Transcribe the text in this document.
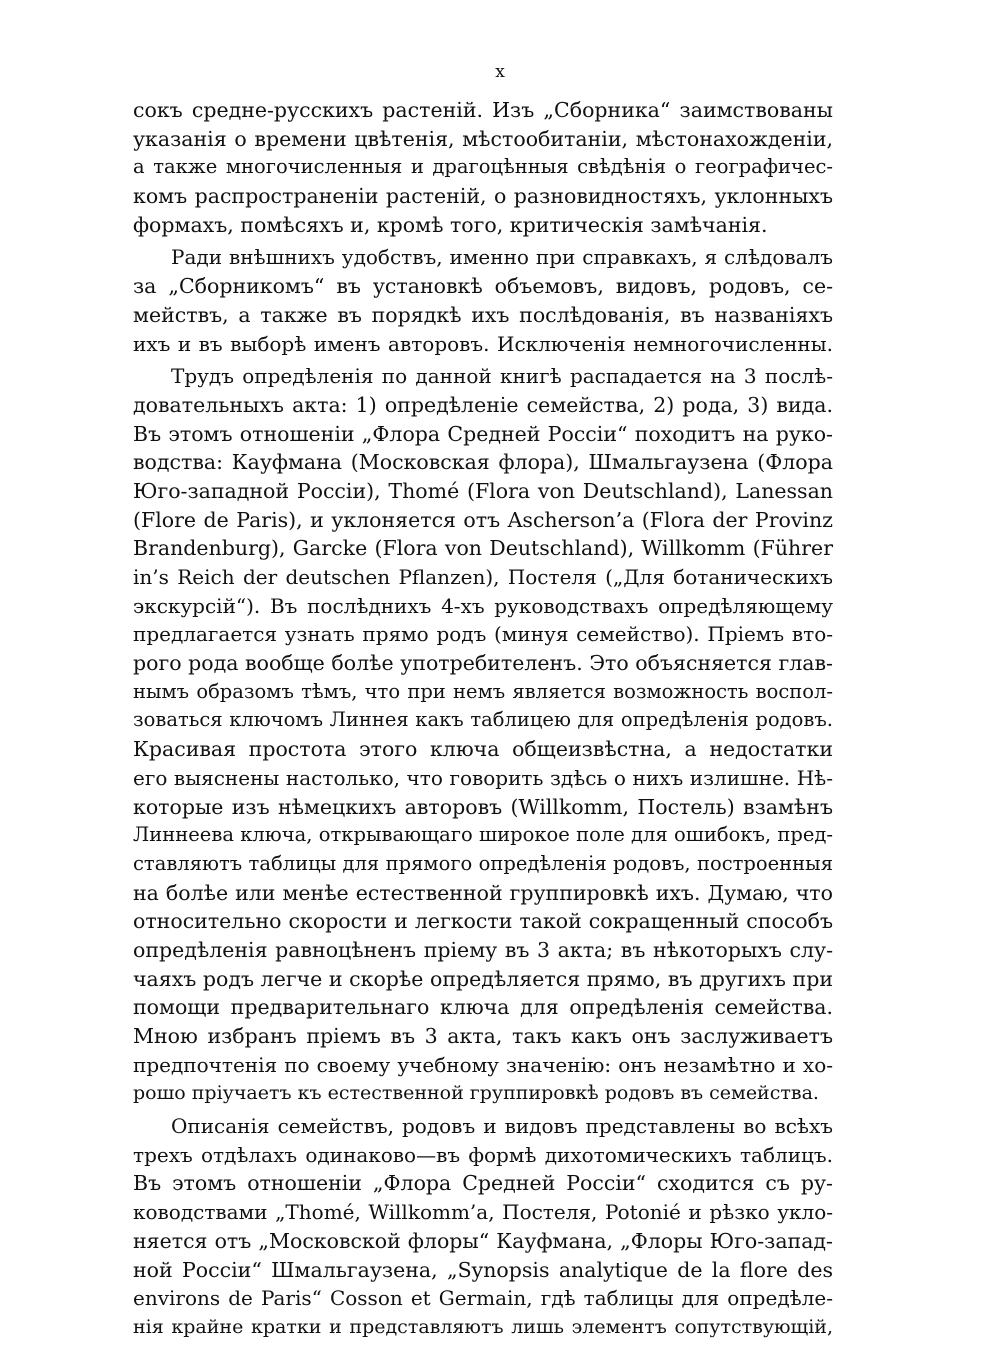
x
сокъ средне-русскихъ растенiй. Изъ „Сборника“ заимствованы
указанiя о времени цвѣтенiя, мѣстообитанiи, мѣстонахожденiи,
а также многочисленныя и драгоцѣнныя свѣдѣнiя о географичес-
комъ распространенiи растенiй, о разновидностяхъ, уклонныхъ
формахъ, помѣсяхъ и, кромѣ того, критическiя замѣчанiя.
Ради внѣшнихъ удобствъ, именно при справкахъ, я слѣдовалъ
за „Сборникомъ“ въ установкѣ объемовъ, видовъ, родовъ, се-
мействъ, а также въ порядкѣ ихъ послѣдованiя, въ названiяхъ
ихъ и въ выборѣ именъ авторовъ. Исключенiя немногочисленны.
Трудъ опредѣленiя по данной книгѣ распадается на 3 послѣ-
довательныхъ акта: 1) опредѣленiе семейства, 2) рода, 3) вида.
Въ этомъ отношенiи „Флора Средней Россiи“ походитъ на руко-
водства: Кауфмана (Московская флора), Шмальгаузена (Флора
Юго-западной Россiи), Thomé (Flora von Deutschland), Lanessan
(Flore de Paris), и уклоняется отъ Ascherson’a (Flora der Provinz
Brandenburg), Garcke (Flora von Deutschland), Willkomm (Führer
in’s Reich der deutschen Pflanzen), Постеля („Для ботаническихъ
экскурсiй“). Въ послѣднихъ 4-хъ руководствахъ опредѣляющему
предлагается узнать прямо родъ (минуя семейство). Прiемъ вто-
рого рода вообще болѣе употребителенъ. Это объясняется глав-
нымъ образомъ тѣмъ, что при немъ является возможность воспол-
зоваться ключомъ Линнея какъ таблицею для опредѣленiя родовъ.
Красивая простота этого ключа общеизвѣстна, а недостатки
его выяснены настолько, что говорить здѣсь о нихъ излишне. Нѣ-
которые изъ нѣмецкихъ авторовъ (Willkomm, Постель) взамѣнъ
Линнеева ключа, открывающаго широкое поле для ошибокъ, пред-
ставляютъ таблицы для прямого опредѣленiя родовъ, построенныя
на болѣе или менѣе естественной группировкѣ ихъ. Думаю, что
относительно скорости и легкости такой сокращенный способъ
опредѣленiя равноцѣненъ прiему въ 3 акта; въ нѣкоторыхъ слу-
чаяхъ родъ легче и скорѣе опредѣляется прямо, въ другихъ при
помощи предварительнаго ключа для опредѣленiя семейства.
Мною избранъ прiемъ въ 3 акта, такъ какъ онъ заслуживаетъ
предпочтенiя по своему учебному значенiю: онъ незамѣтно и хо-
рошо прiучаетъ къ естественной группировкѣ родовъ въ семейства.
Описанiя семействъ, родовъ и видовъ представлены во всѣхъ
трехъ отдѣлахъ одинаково—въ формѣ дихотомическихъ таблицъ.
Въ этомъ отношенiи „Флора Средней Россiи“ сходится съ ру-
ководствами „Thomé, Willkomm’a, Постеля, Potonié и рѣзко укло-
няется отъ „Московской флоры“ Кауфмана, „Флоры Юго-запад-
ной Россiи“ Шмальгаузена, „Synopsis analytique de la flore des
environs de Paris“ Cosson et Germain, гдѣ таблицы для опредѣле-
нiя крайне кратки и представляютъ лишь элементъ сопутствующiй,
